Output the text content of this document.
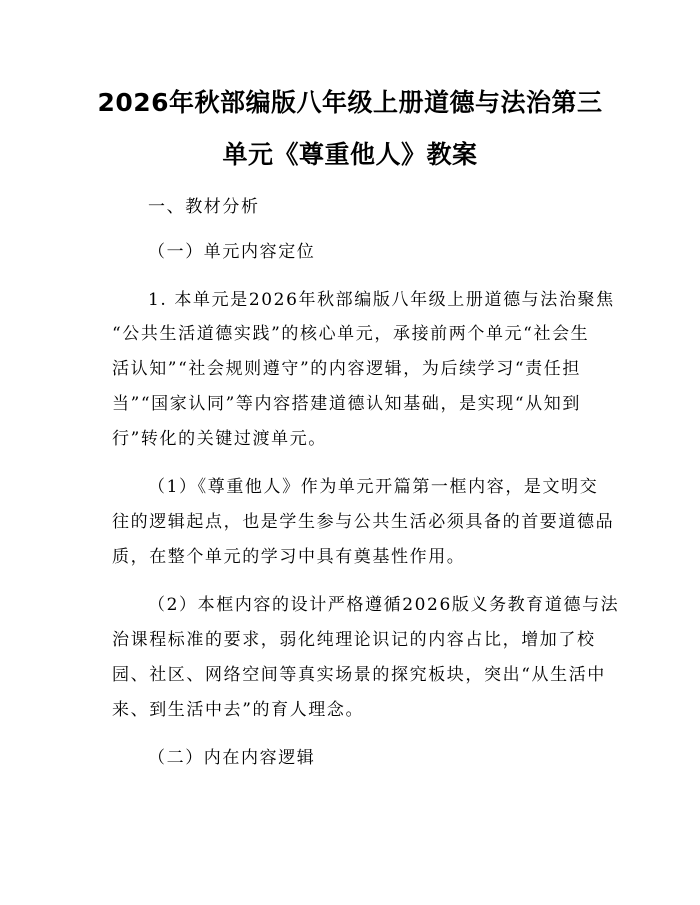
2026年秋部编版八年级上册道德与法治第三
单元《尊重他人》教案
一、教材分析
（一）单元内容定位
1. 本单元是2026年秋部编版八年级上册道德与法治聚焦
“公共生活道德实践”的核心单元，承接前两个单元“社会生
活认知”“社会规则遵守”的内容逻辑，为后续学习“责任担
当”“国家认同”等内容搭建道德认知基础，是实现“从知到
行”转化的关键过渡单元。
（1）《尊重他人》作为单元开篇第一框内容，是文明交
往的逻辑起点，也是学生参与公共生活必须具备的首要道德品
质，在整个单元的学习中具有奠基性作用。
（2）本框内容的设计严格遵循2026版义务教育道德与法
治课程标准的要求，弱化纯理论识记的内容占比，增加了校
园、社区、网络空间等真实场景的探究板块，突出“从生活中
来、到生活中去”的育人理念。
（二）内在内容逻辑
